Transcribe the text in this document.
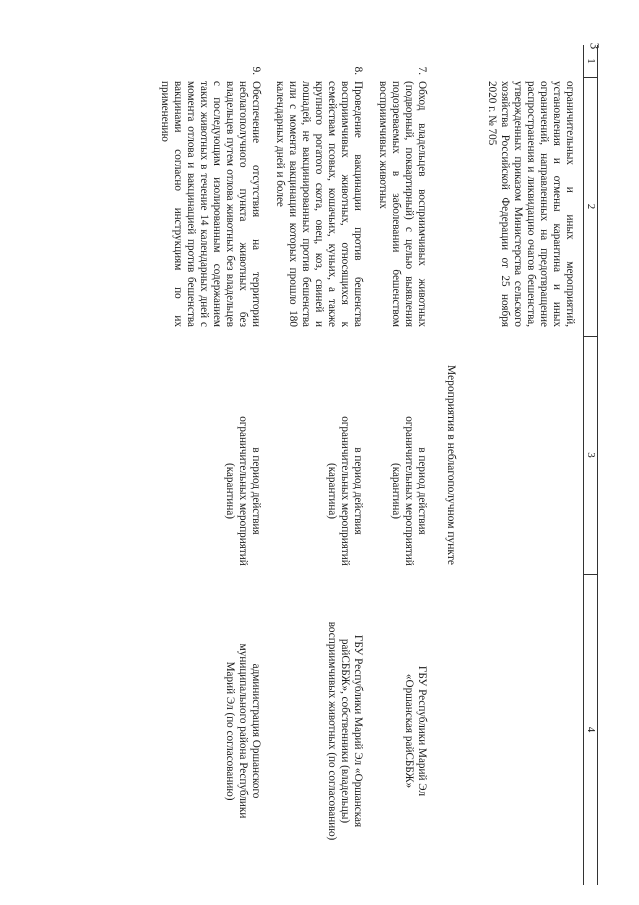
3
1
2
3
4
ограничительных и иных мероприятий, установления и отмены карантина и иных ограничений, направленных на предотвращение распространения и ликвидацию очагов бешенства, утвержденных приказом Министерства сельского хозяйства Российской Федерации от 25 ноября 2020 г. № 705
Мероприятия в неблагополучном пункте
7.
Обход владельцев восприимчивых животных (подворный, поквартирный) с целью выявления подозреваемых в заболевании бешенством восприимчивых животных
в период действия ограничительных мероприятий (карантина)
ГБУ Республики Марий Эл «Оршанская райСББЖ»
8.
Проведение вакцинации против бешенства восприимчивых животных, относящихся к семействам псовых, кошачьих, куньих, а также крупного рогатого скота, овец, коз, свиней и лошадей, не вакцинированных против бешенства или с момента вакцинации которых прошло 180 календарных дней и более
в период действия ограничительных мероприятий (карантина)
ГБУ Республики Марий Эл «Оршанская райСББЖ», собственники (владельцы) восприимчивых животных (по согласованию)
9.
Обеспечение отсутствия на территории неблагополучного пункта животных без владельцев путем отлова животных без владельцев с последующим изолированным содержанием таких животных в течение 14 календарных дней с момента отлова и вакцинацией против бешенства вакцинами согласно инструкциям по их применению
в период действия ограничительных мероприятий (карантина)
администрация Оршанского муниципального района Республики Марий Эл (по согласованию)
